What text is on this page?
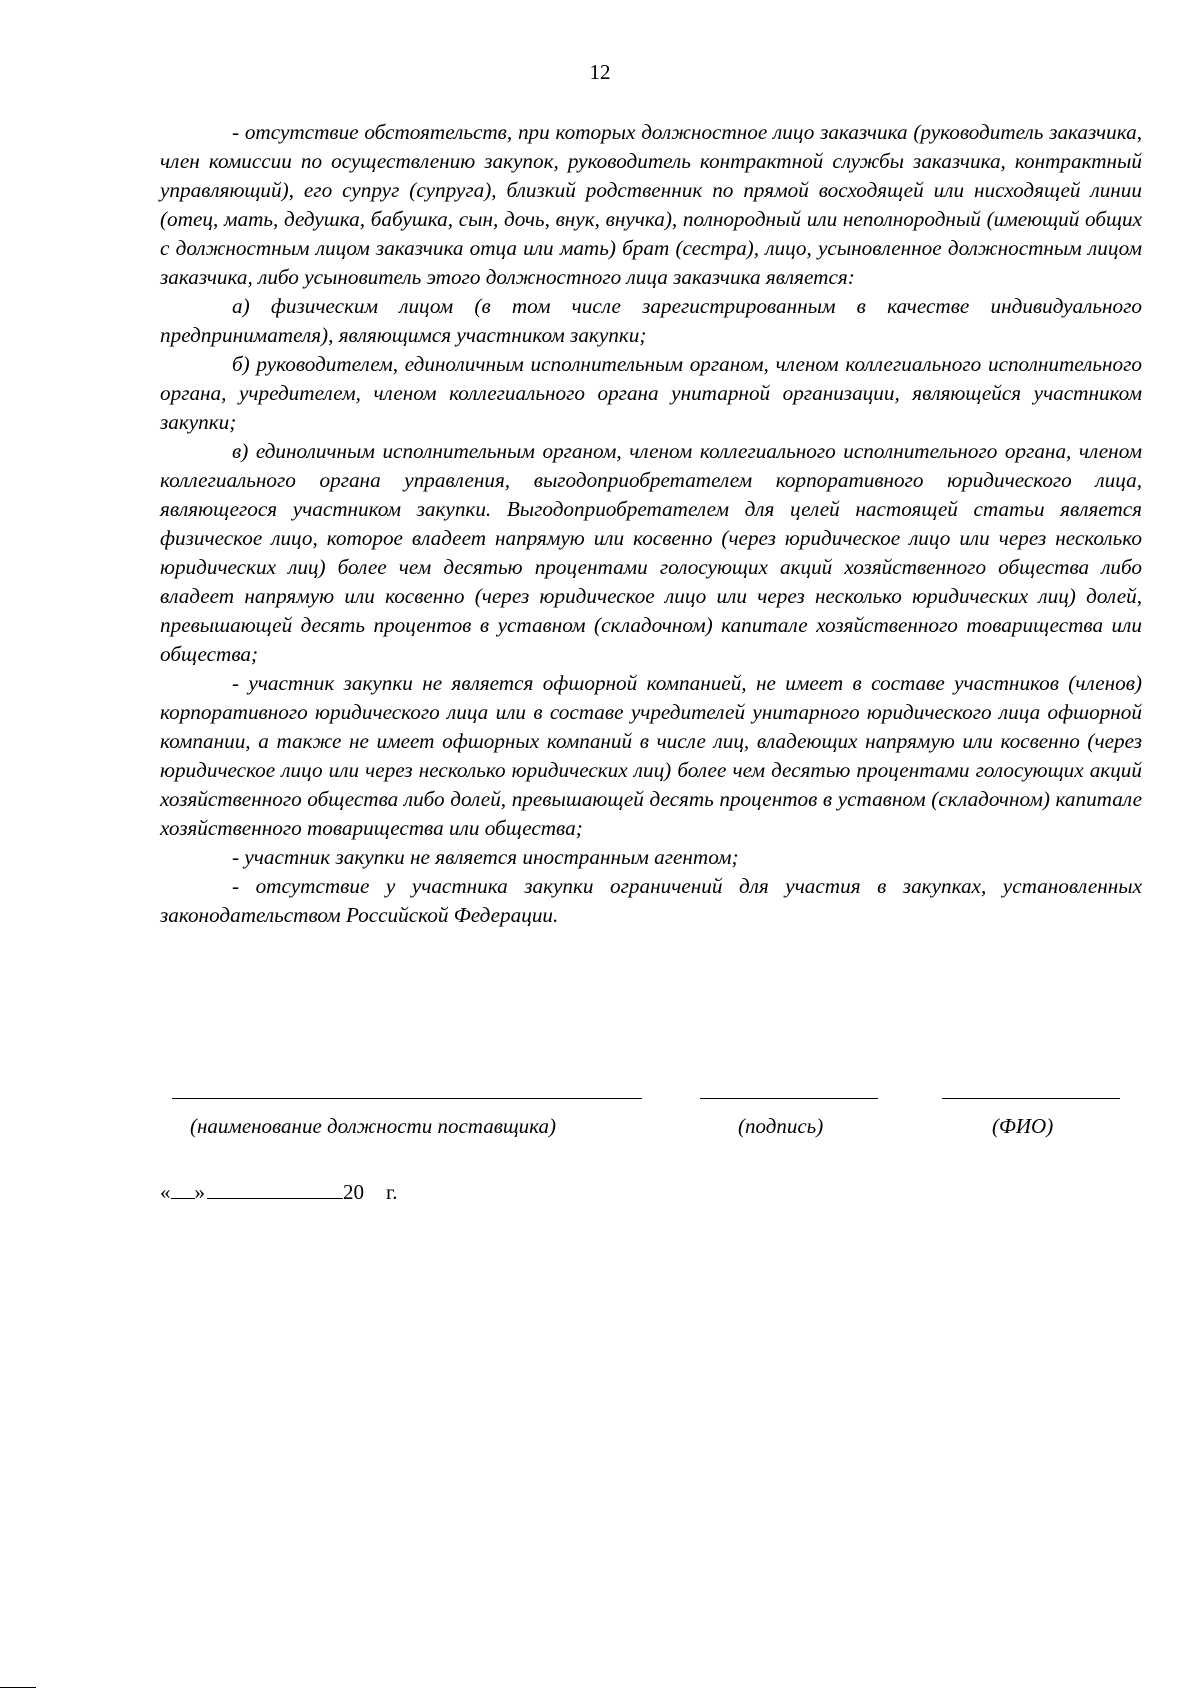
12

- отсутствие обстоятельств, при которых должностное лицо заказчика (руководитель заказчика, член комиссии по осуществлению закупок, руководитель контрактной службы заказчика, контрактный управляющий), его супруг (супруга), близкий родственник по прямой восходящей или нисходящей линии (отец, мать, дедушка, бабушка, сын, дочь, внук, внучка), полнородный или неполнородный (имеющий общих с должностным лицом заказчика отца или мать) брат (сестра), лицо, усыновленное должностным лицом заказчика, либо усыновитель этого должностного лица заказчика является:

а) физическим лицом (в том числе зарегистрированным в качестве индивидуального предпринимателя), являющимся участником закупки;

б) руководителем, единоличным исполнительным органом, членом коллегиального исполнительного органа, учредителем, членом коллегиального органа унитарной организации, являющейся участником закупки;

в) единоличным исполнительным органом, членом коллегиального исполнительного органа, членом коллегиального органа управления, выгодоприобретателем корпоративного юридического лица, являющегося участником закупки. Выгодоприобретателем для целей настоящей статьи является физическое лицо, которое владеет напрямую или косвенно (через юридическое лицо или через несколько юридических лиц) более чем десятью процентами голосующих акций хозяйственного общества либо владеет напрямую или косвенно (через юридическое лицо или через несколько юридических лиц) долей, превышающей десять процентов в уставном (складочном) капитале хозяйственного товарищества или общества;

- участник закупки не является офшорной компанией, не имеет в составе участников (членов) корпоративного юридического лица или в составе учредителей унитарного юридического лица офшорной компании, а также не имеет офшорных компаний в числе лиц, владеющих напрямую или косвенно (через юридическое лицо или через несколько юридических лиц) более чем десятью процентами голосующих акций хозяйственного общества либо долей, превышающей десять процентов в уставном (складочном) капитале хозяйственного товарищества или общества;

- участник закупки не является иностранным агентом;

- отсутствие у участника закупки ограничений для участия в закупках, установленных законодательством Российской Федерации.

(наименование должности поставщика)	(подпись)	(ФИО)
« »	20 г.
